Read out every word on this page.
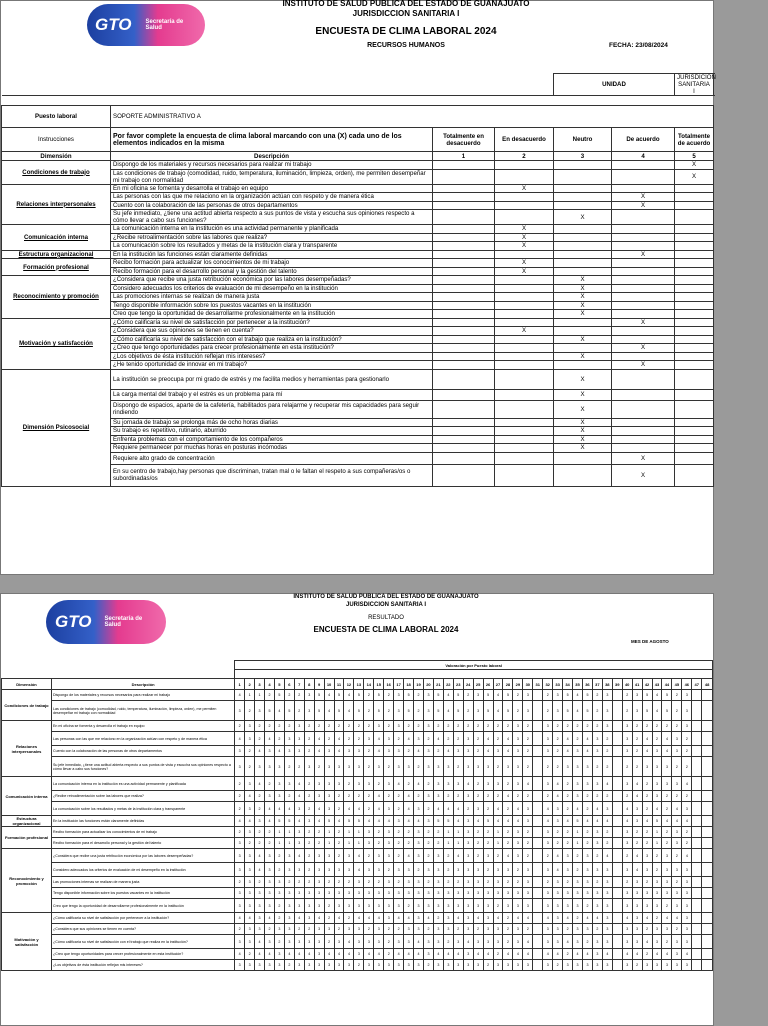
GTO Secretaría de Salud
INSTITUTO DE SALUD PUBLICA DEL ESTADO DE GUANAJUATO
JURISDICCION SANITARIA I
ENCUESTA DE CLIMA LABORAL 2024
RECURSOS HUMANOS	FECHA: 23/08/2024
				UNIDAD		JURISDICION SANITARIA I

Puesto laboral	SOPORTE ADMINISTRATIVO A					
Instrucciones	Por favor complete la encuesta de clima laboral marcando con una (X) cada uno de los elementos indicados en la misma	Totalmente en desacuerdo	En desacuerdo	Neutro	De acuerdo	Totalmente de acuerdo
Dimensión	Descripción	1	2	3	4	5
Condiciones de trabajo	Dispongo de los materiales y recursos necesarios para realizar mi trabajo					X
	Las condiciones de trabajo (comodidad, ruido, temperatura, iluminación, limpieza, orden), me permiten desempeñar mi trabajo con normalidad					X
Relaciones interpersonales	En mi oficina se fomenta y desarrolla el trabajo en equipo		X			
	Las personas con las que me relaciono en la organización actúan con respeto y de manera ética				X	
	Cuento con la colaboración de las personas de otros departamentos				X	
	Su jefe inmediato, ¿tiene una actitud abierta respecto a sus puntos de vista y escucha sus opiniones respecto a cómo llevar a cabo sus funciones?			X		
Comunicación interna	La comunicación interna en la institución es una actividad permanente y planificada		X			
	¿Recibe retroalimentación sobre las labores que realiza?		X			
	La comunicación sobre los resultados y metas de la institución clara y transparente		X			
Estructura organizacional	En la institución las funciones están claramente definidas				X	
Formación profesional	Recibo formación para actualizar los conocimientos de mi trabajo		X			
	Recibo formación para el desarrollo personal y la gestión del talento		X			
Reconocimiento y promoción	¿Considera que recibe una justa retribución económica por las labores desempeñadas?			X		
	Considero adecuados los criterios de evaluación de mi desempeño en la institución			X		
	Las promociones internas se realizan de manera justa			X		
	Tengo disponible información sobre los puestos vacantes en la institución			X		
	Creo que tengo la oportunidad de desarrollarme profesionalmente en la institución			X		
Motivación y satisfacción	¿Cómo calificaría su nivel de satisfacción por pertenecer a la institución?				X	
	¿Considera que sus opiniones se tienen en cuenta?		X			
	¿Cómo calificaría su nivel de satisfacción con el trabajo que realiza en la institución?			X		
	¿Creo que tengo oportunidades para crecer profesionalmente en esta institución?				X	
	¿Los objetivos de ésta institución reflejan mis intereses?			X		
	¿He tenido oportunidad de innovar en mi trabajo?				X	
Dimensión Psicosocial	La institución se preocupa por mi grado de estrés y me facilita medios y herramientas para gestionarlo			X		
	La carga mental del trabajo y el estrés es un problema para mí			X		
	Dispongo de espacios, aparte de la cafetería, habilitados para relajarme y recuperar mis capacidades para seguir rindiendo			X		
	Su jornada de trabajo se prolonga más de ocho horas diarias			X		
	Su trabajo es repetitivo, rutinario, aburrido			X		
	Enfrenta problemas con el comportamiento de los compañeros			X		
	Requiere permanecer por muchas horas en posturas incómodas			X		
	Requiere alto grado de concentración				X	
	En su centro de trabajo,hay personas que discriminan, tratan mal o le faltan el respeto a sus compañeras/os o subordinadas/os				X	
GTO Secretaría de Salud
INSTITUTO DE SALUD PUBLICA DEL ESTADO DE GUANAJUATO
JURISDICCION SANITARIA I
RESULTADO
ENCUESTA DE CLIMA LABORAL 2024
MES DE AGOSTO
		Valoración por Puesto laboral																																															

Dimensión	Descripción	1	2	3	4	5	6	7	8	9	10	11	12	13	14	15	16	17	18	19	20	21	22	23	24	25	26	27	28	29	30	31	32	33	34	35	36	37	38	39	40	41	42	43	44	45	46	47	48
Condiciones de trabajo	Dispongo de los materiales y recursos necesarios para realizar mi trabajo	4	1	1	2	5	2	2	3	5	4	5	4	5	2	5	2	3	5	2	3	5	4	5	2	3	5	4	5	2	3		2	3	5	4	5	2	3		2	3	5	4	5	2	3		
	Las condiciones de trabajo (comodidad, ruido, temperatura, iluminación, limpieza, orden), me permiten desempeñar mi trabajo con normalidad	3	2	3	5	4	5	2	3	5	4	5	4	5	2	5	2	3	5	2	3	5	4	5	2	3	5	4	5	2	3		2	3	5	4	5	2	3		2	3	5	4	5	2	3		
Relaciones interpersonales	En mi oficina se fomenta y desarrolla el trabajo en equipo	2	3	2	2	2	2	3	2	2	2	2	2	2	2	3	2	3	2	2	3	2	2	2	2	2	2	2	2	3	2		3	2	2	2	2	2	3		3	2	2	2	2	2	3		
	Las personas con las que me relaciono en la organización actúan con respeto y de manera ética	4	3	2	4	2	3	3	2	4	2	4	2	2	3	4	3	2	4	3	2	4	2	2	3	2	4	2	4	3	2		3	2	4	2	4	3	2		3	2	4	2	4	3	2		
	Cuento con la colaboración de las personas de otros departamentos	3	2	4	3	4	3	3	2	4	3	4	3	3	2	4	3	3	2	4	3	2	4	3	3	2	4	3	4	3	2		3	2	4	3	4	3	2		3	2	4	3	4	3	2		
	Su jefe inmediato, ¿tiene una actitud abierta respecto a sus puntos de vista y escucha sus opiniones respecto a cómo llevar a cabo sus funciones?	3	2	3	3	3	2	2	3	2	3	3	3	3	2	3	2	3	3	2	3	3	3	2	3	3	3	2	3	3	2		2	2	3	3	3	2	2		2	2	3	3	3	2	2		
Comunicación interna	La comunicación interna en la institución es una actividad permanente y planificada	2	3	4	2	3	3	4	2	3	3	3	2	3	3	2	3	4	2	4	2	3	3	3	4	2	3	3	2	3	4		3	4	2	3	3	3	4		3	4	2	3	3	3	4		
	¿Recibe retroalimentación sobre las labores que realiza?	2	4	2	3	3	2	4	2	3	3	2	2	2	2	4	2	2	4	2	3	3	2	2	3	2	2	2	4	2	2		2	4	2	3	2	2	2		2	4	2	3	2	2	2		
	La comunicación sobre los resultados y metas de la institución clara y transparente	2	3	2	4	4	4	3	2	4	3	2	4	4	2	4	3	2	4	3	2	4	4	4	2	3	2	4	2	4	3		4	3	2	4	2	4	3		4	3	2	4	2	4	3		
Estructura organizacional	En la institución las funciones están claramente definidas	4	4	3	4	5	5	4	3	4	5	4	5	5	4	4	4	3	4	4	3	5	5	4	3	4	5	4	4	4	3		4	3	4	5	4	4	4		4	3	4	5	4	4	4		
Formación profesional	Recibo formación para actualizar los conocimientos de mi trabajo	2	3	2	2	1	1	3	2	2	1	2	1	1	3	2	3	2	2	3	2	2	1	1	3	2	2	1	2	3	2		3	2	2	1	2	3	2		3	2	2	1	2	3	2		
	Recibo formación para el desarrollo personal y la gestión del talento	3	2	2	2	1	1	3	2	2	1	2	1	1	3	2	3	2	2	3	2	2	1	1	3	2	2	1	2	3	2		3	2	2	1	2	3	2		3	2	2	1	2	3	2		
Reconocimiento y promoción	¿Considera que recibe una justa retribución económica por las labores desempeñadas?	3	3	4	3	2	3	4	2	3	3	2	3	4	2	3	3	2	4	3	2	3	2	4	3	2	3	2	4	3	2		2	4	3	2	3	2	4		2	4	3	2	3	2	4		
	Considero adecuados los criterios de evaluación de mi desempeño en la institución	3	3	4	3	2	3	3	2	3	3	3	3	4	3	3	2	3	3	2	3	3	2	3	3	3	2	3	3	2	3		3	4	3	2	3	3	3		3	4	3	2	3	3	3		
	Las promociones internas se realizan de manera justa	2	3	2	3	3	2	2	2	3	2	2	2	3	2	2	3	2	3	3	2	3	2	2	3	3	2	3	2	2	3		2	3	2	3	3	2	3		2	3	2	3	3	2	3		
	Tengo disponible información sobre los puestos vacantes en la institución	3	3	3	3	3	3	3	3	3	3	3	3	3	3	3	3	3	3	3	3	3	3	3	3	3	3	3	3	3	3		3	3	3	3	3	3	3		3	3	3	3	3	3	3		
	Creo que tengo la oportunidad de desarrollarme profesionalmente en la institución	3	3	3	3	2	3	3	3	3	2	3	3	3	3	3	3	3	2	3	3	3	3	3	3	3	3	2	3	3	3		3	3	3	3	2	3	3		3	3	3	3	2	3	3		
Motivación y satisfacción	¿Cómo calificaría su nivel de satisfacción por pertenecer a la institución?	4	4	3	4	2	3	4	3	4	2	4	2	4	4	4	3	4	4	3	4	2	3	4	3	4	3	4	2	4	4		4	3	4	2	4	4	3		4	3	4	2	4	4	3		
	¿Considera que sus opiniones se tienen en cuenta?	2	3	3	2	3	3	2	2	3	3	2	3	3	2	3	2	2	3	3	2	3	3	2	3	2	3	3	2	3	2		3	3	2	3	3	2	3		3	3	2	3	3	2	3		
	¿Cómo calificaría su nivel de satisfacción con el trabajo que realiza en la institución?	3	3	4	3	2	3	3	3	3	2	3	4	3	3	3	2	3	3	4	3	3	2	3	4	3	3	3	2	3	4		3	3	4	3	2	3	3		3	3	4	3	2	3	3		
	¿Creo que tengo oportunidades para crecer profesionalmente en esta institución?	4	2	4	4	3	4	4	4	3	4	4	4	3	4	4	2	4	4	4	3	4	4	4	3	4	4	2	4	4	4		4	4	2	4	4	3	4		4	4	2	4	4	3	4		
	¿Los objetivos de ésta institución reflejan mis intereses?	3	3	3	3	3	2	3	3	3	3	3	3	2	3	3	3	3	3	3	2	3	3	3	3	3	2	3	3	3	3		3	2	3	3	3	3	3		3	2	3	3	3	3	3		
